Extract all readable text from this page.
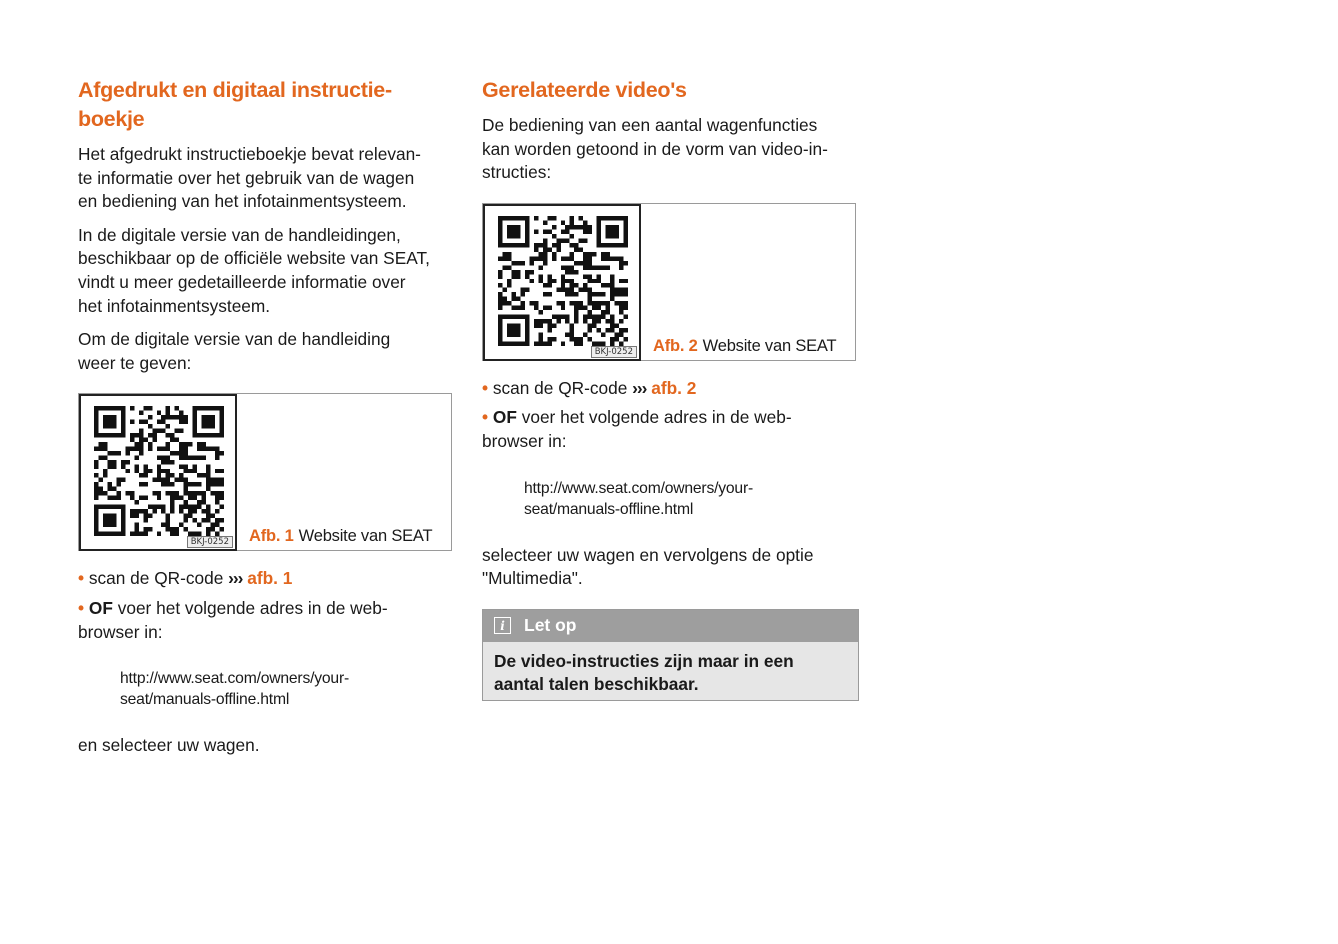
Afgedrukt en digitaal instructie-
boekje

Het afgedrukt instructieboekje bevat relevan-
te informatie over het gebruik van de wagen
en bediening van het infotainmentsysteem.

In de digitale versie van de handleidingen,
beschikbaar op de officiële website van SEAT,
vindt u meer gedetailleerde informatie over
het infotainmentsysteem.

Om de digitale versie van de handleiding
weer te geven:

BKJ-0252 Afb. 1 Website van SEAT

• scan de QR-code ››› afb. 1

• OF voer het volgende adres in de web-
browser in:

http://www.seat.com/owners/your-
seat/manuals-offline.html

en selecteer uw wagen.

Gerelateerde video's

De bediening van een aantal wagenfuncties
kan worden getoond in de vorm van video-in-
structies:

BKJ-0252 Afb. 2 Website van SEAT

• scan de QR-code ››› afb. 2

• OF voer het volgende adres in de web-
browser in:

http://www.seat.com/owners/your-
seat/manuals-offline.html

selecteer uw wagen en vervolgens de optie
"Multimedia".

i	Let op
De video-instructies zijn maar in een
aantal talen beschikbaar.
